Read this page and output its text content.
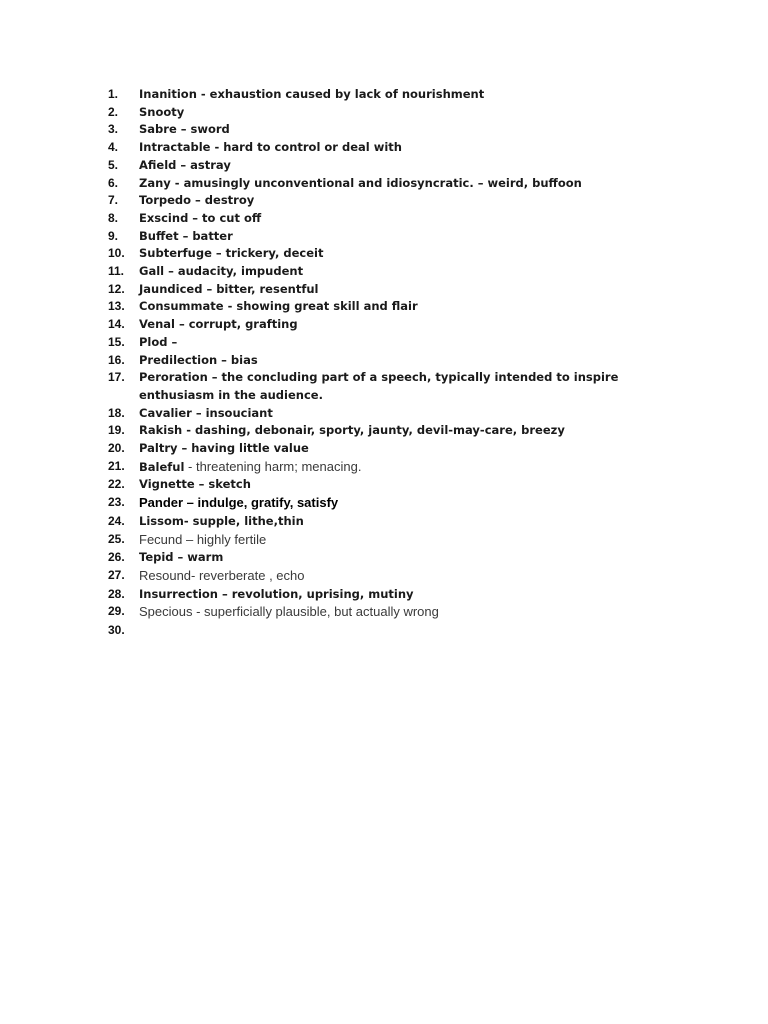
1.	Inanition - exhaustion caused by lack of nourishment
2.	Snooty
3.	Sabre – sword
4.	Intractable - hard to control or deal with
5.	Afield – astray
6.	Zany - amusingly unconventional and idiosyncratic. – weird, buffoon
7.	Torpedo – destroy
8.	Exscind – to cut off
9.	Buffet – batter
10.	Subterfuge – trickery, deceit
11.	Gall – audacity, impudent
12.	Jaundiced – bitter, resentful
13.	Consummate - showing great skill and flair
14.	Venal – corrupt, grafting
15.	Plod –
16.	Predilection – bias
17.	Peroration – the concluding part of a speech, typically intended to inspire enthusiasm in the audience.
18.	Cavalier – insouciant
19.	Rakish - dashing, debonair, sporty, jaunty, devil-may-care, breezy
20.	Paltry – having little value
21.	Baleful - threatening harm; menacing.
22.	Vignette – sketch
23.	Pander – indulge, gratify, satisfy
24.	Lissom- supple, lithe,thin
25.	Fecund – highly fertile
26.	Tepid – warm
27.	Resound- reverberate , echo
28.	Insurrection – revolution, uprising, mutiny
29.	Specious - superficially plausible, but actually wrong
30.
